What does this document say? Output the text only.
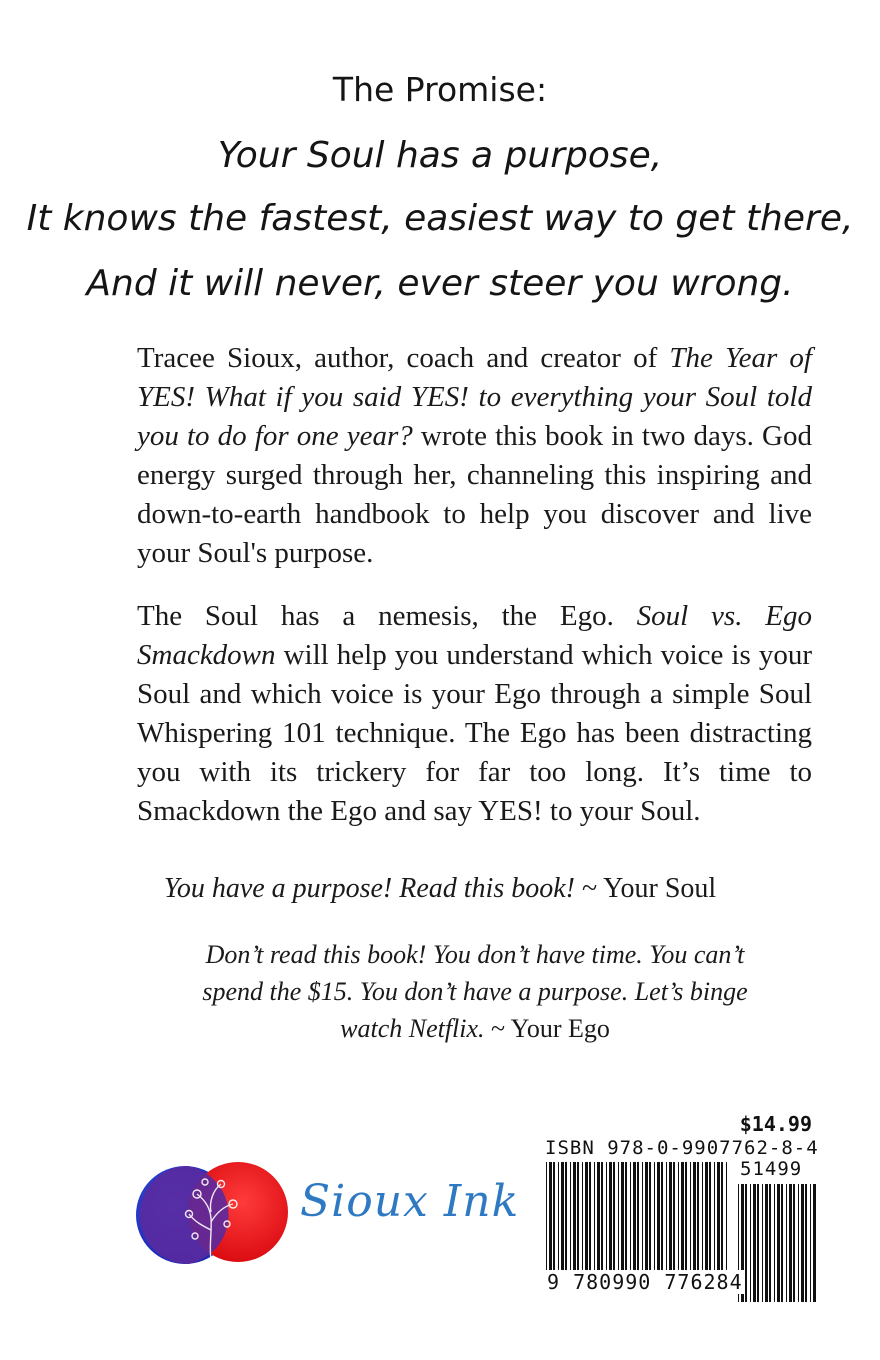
The Promise:
Your Soul has a purpose,
It knows the fastest, easiest way to get there,
And it will never, ever steer you wrong.

Tracee Sioux, author, coach and creator of The Year of YES! What if you said YES! to everything your Soul told you to do for one year? wrote this book in two days. God energy surged through her, channeling this inspiring and down-to-earth handbook to help you discover and live your Soul's purpose.

The Soul has a nemesis, the Ego. Soul vs. Ego Smackdown will help you understand which voice is your Soul and which voice is your Ego through a simple Soul Whispering 101 technique. The Ego has been distracting you with its trickery for far too long. It’s time to Smackdown the Ego and say YES! to your Soul.

You have a purpose! Read this book! ~ Your Soul
Don’t read this book! You don’t have time. You can’t spend the $15. You don’t have a purpose. Let’s binge watch Netflix. ~ Your Ego
Sioux Ink
$14.99
ISBN 978-0-9907762-8-4
51499
9 780990 776284
